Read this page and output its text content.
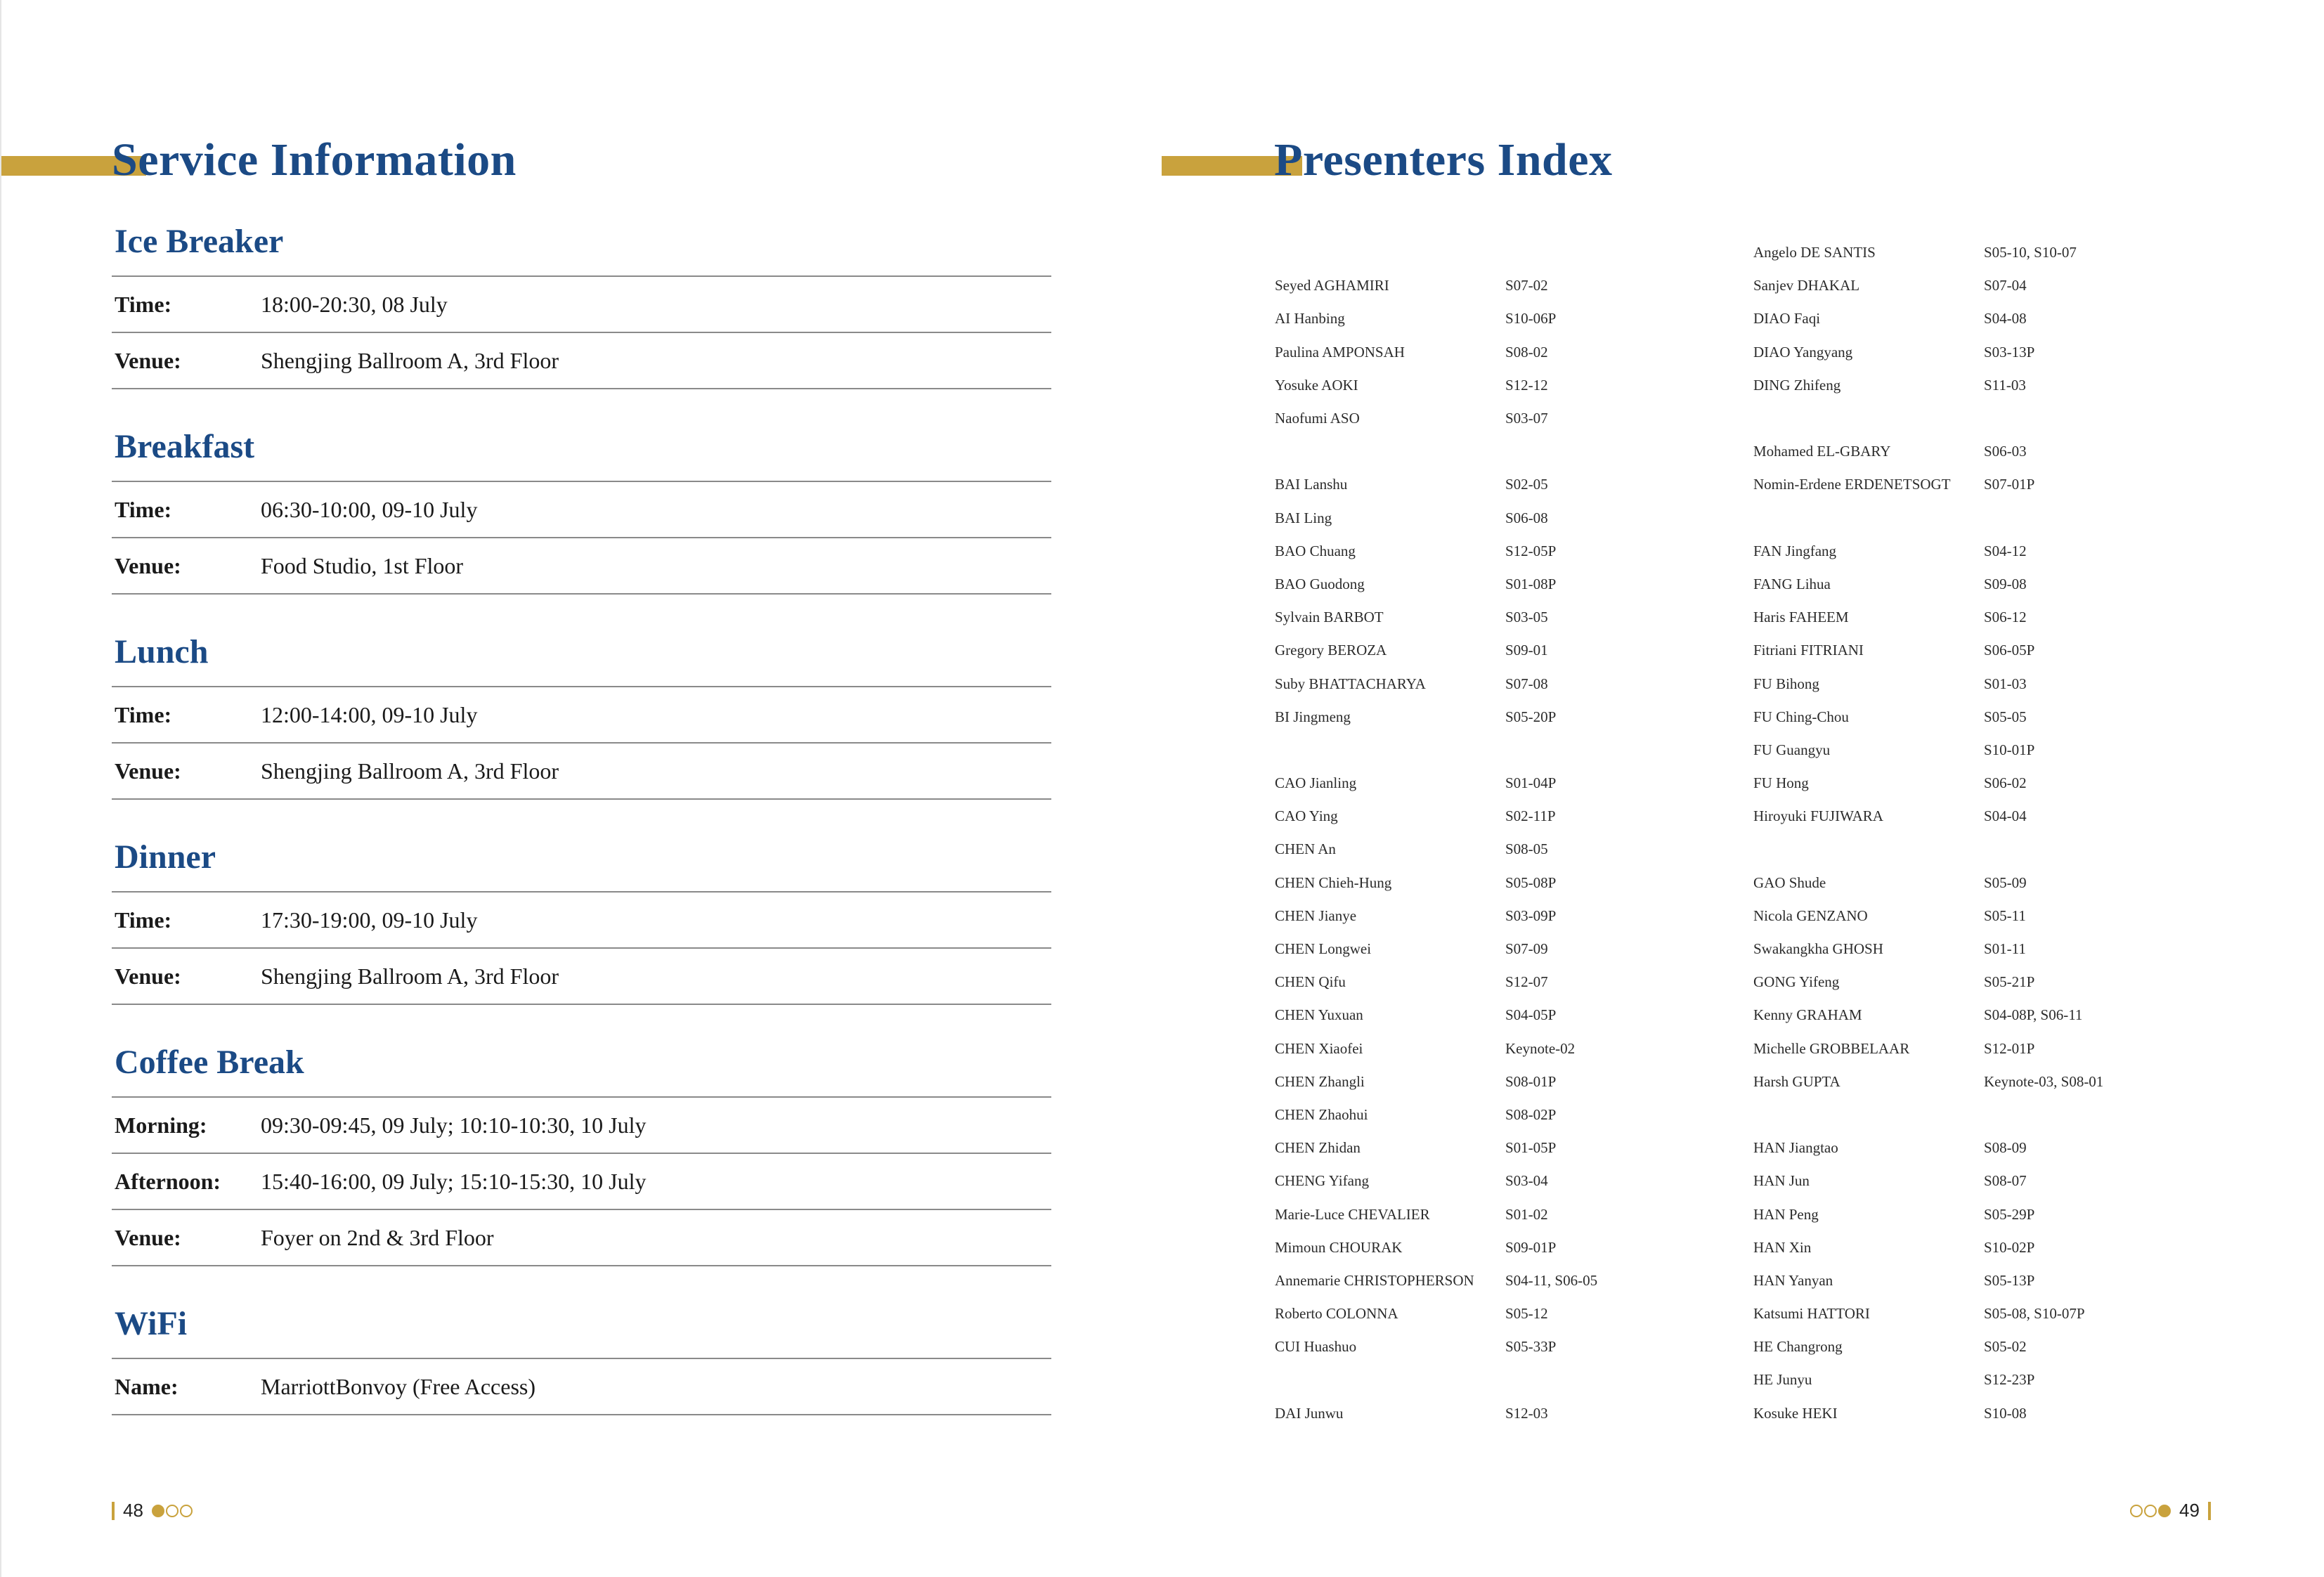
Service Information
Ice Breaker
Time:	18:00-20:30, 08 July
Venue:	Shengjing Ballroom A, 3rd Floor
Breakfast
Time:	06:30-10:00, 09-10 July
Venue:	Food Studio, 1st Floor
Lunch
Time:	12:00-14:00, 09-10 July
Venue:	Shengjing Ballroom A, 3rd Floor
Dinner
Time:	17:30-19:00, 09-10 July
Venue:	Shengjing Ballroom A, 3rd Floor
Coffee Break
Morning:	09:30-09:45, 09 July; 10:10-10:30, 10 July
Afternoon:	15:40-16:00, 09 July; 15:10-15:30, 10 July
Venue:	Foyer on 2nd & 3rd Floor
WiFi
Name:	MarriottBonvoy (Free Access)
48
Presenters Index
Seyed AGHAMIRI	S07-02
AI Hanbing	S10-06P
Paulina AMPONSAH	S08-02
Yosuke AOKI	S12-12
Naofumi ASO	S03-07
BAI Lanshu	S02-05
BAI Ling	S06-08
BAO Chuang	S12-05P
BAO Guodong	S01-08P
Sylvain BARBOT	S03-05
Gregory BEROZA	S09-01
Suby BHATTACHARYA	S07-08
BI Jingmeng	S05-20P
CAO Jianling	S01-04P
CAO Ying	S02-11P
CHEN An	S08-05
CHEN Chieh-Hung	S05-08P
CHEN Jianye	S03-09P
CHEN Longwei	S07-09
CHEN Qifu	S12-07
CHEN Yuxuan	S04-05P
CHEN Xiaofei	Keynote-02
CHEN Zhangli	S08-01P
CHEN Zhaohui	S08-02P
CHEN Zhidan	S01-05P
CHENG Yifang	S03-04
Marie-Luce CHEVALIER	S01-02
Mimoun CHOURAK	S09-01P
Annemarie CHRISTOPHERSON	S04-11, S06-05
Roberto COLONNA	S05-12
CUI Huashuo	S05-33P
DAI Junwu	S12-03
Angelo DE SANTIS	S05-10, S10-07
Sanjev DHAKAL	S07-04
DIAO Faqi	S04-08
DIAO Yangyang	S03-13P
DING Zhifeng	S11-03
Mohamed EL-GBARY	S06-03
Nomin-Erdene ERDENETSOGT	S07-01P
FAN Jingfang	S04-12
FANG Lihua	S09-08
Haris FAHEEM	S06-12
Fitriani FITRIANI	S06-05P
FU Bihong	S01-03
FU Ching-Chou	S05-05
FU Guangyu	S10-01P
FU Hong	S06-02
Hiroyuki FUJIWARA	S04-04
GAO Shude	S05-09
Nicola GENZANO	S05-11
Swakangkha GHOSH	S01-11
GONG Yifeng	S05-21P
Kenny GRAHAM	S04-08P, S06-11
Michelle GROBBELAAR	S12-01P
Harsh GUPTA	Keynote-03, S08-01
HAN Jiangtao	S08-09
HAN Jun	S08-07
HAN Peng	S05-29P
HAN Xin	S10-02P
HAN Yanyan	S05-13P
Katsumi HATTORI	S05-08, S10-07P
HE Changrong	S05-02
HE Junyu	S12-23P
Kosuke HEKI	S10-08
49
